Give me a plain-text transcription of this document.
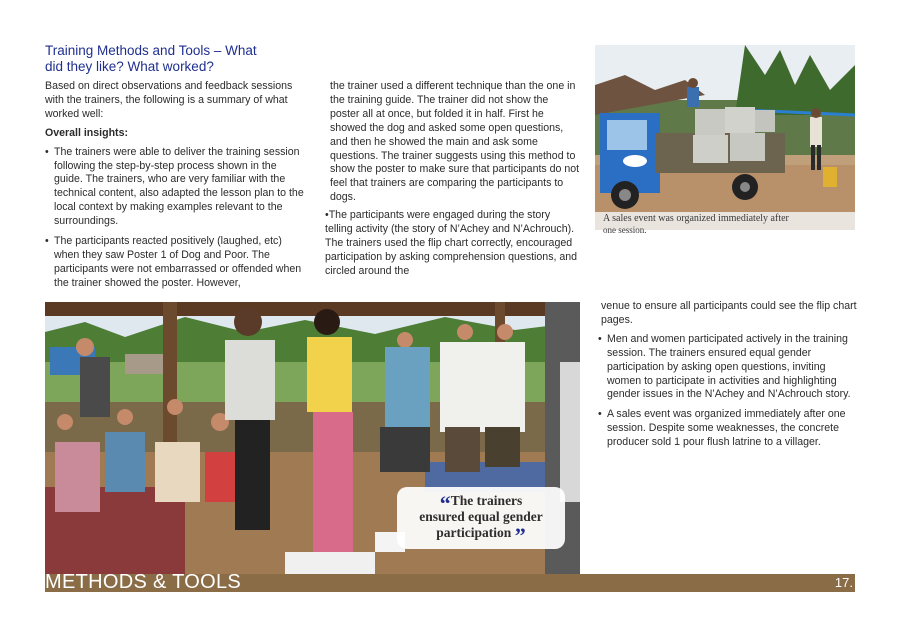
Training Methods and Tools – What
did they like? What worked?

Based on direct observations and feedback sessions with the trainers, the following is a summary of what worked well:

Overall insights:
• The trainers were able to deliver the training session following the step-by-step process shown in the guide. The trainers, who are very familiar with the technical content, also adapted the lesson plan to the local context by making examples relevant to the surroundings.
• The participants reacted positively (laughed, etc) when they saw Poster 1 of Dog and Poor. The participants were not embarrassed or offended when the trainer showed the poster. However,

the trainer used a different technique than the one in the training guide. The trainer did not show the poster all at once, but folded it in half. First he showed the dog and asked some open questions, and then he showed the main and ask some questions. The trainer suggests using this method to show the poster to make sure that participants do not feel that trainers are comparing the participants to dogs.

•The participants were engaged during the story telling activity (the story of N’Achey and N’Achrouch). The trainers used the flip chart correctly, encouraged participation by asking comprehension questions, and circled around the

A sales event was organized immediately after
one session.

venue to ensure all participants could see the flip chart pages.

• Men and women participated actively in the training session. The trainers ensured equal gender participation by asking open questions, inviting women to participate in activities and highlighting gender issues in the N’Achey and N’Achrouch story.
• A sales event was organized immediately after one session. Despite some weaknesses, the concrete producer sold 1 pour flush latrine to a villager.
“The trainers
ensured equal gender
participation ”
METHODS & TOOLS	17.
